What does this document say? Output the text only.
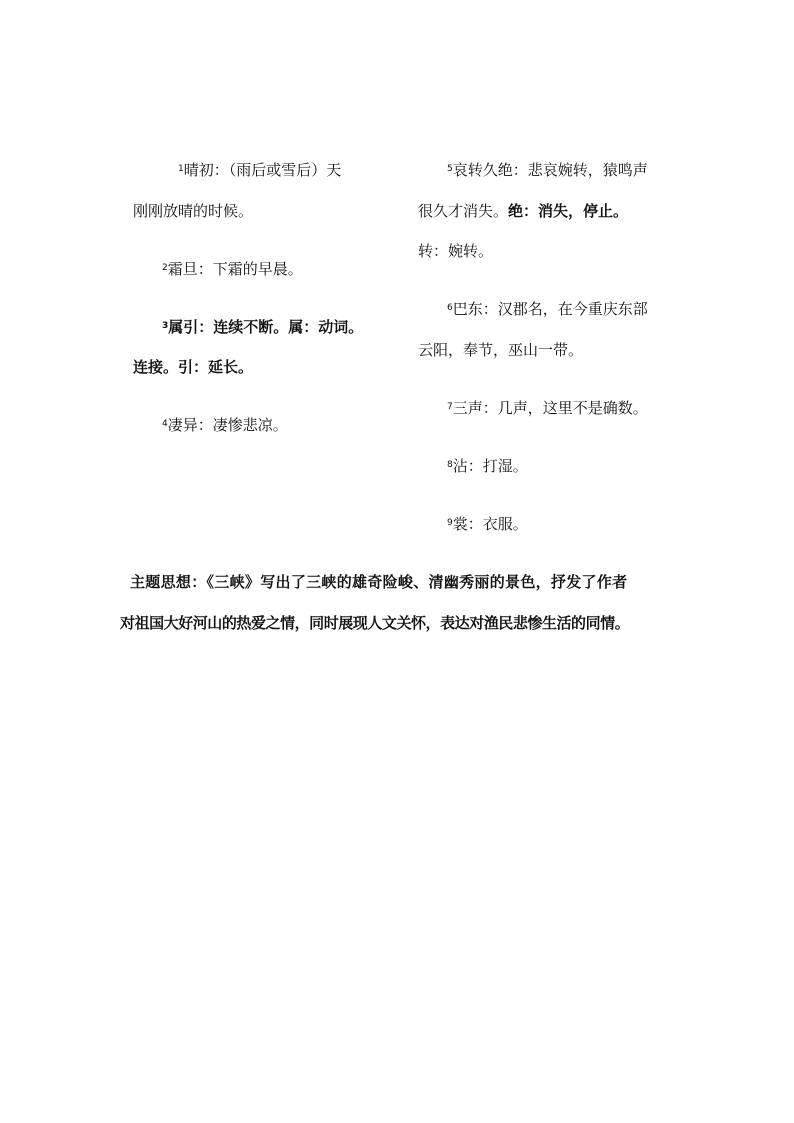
$^1$晴初：（雨后或雪后）天
刚刚放晴的时候。
$^2$霜旦：下霜的早晨。
$^3$属引：连续不断。属：动词。
连接。引：延长。
$^4$凄异：凄惨悲凉。
$^5$哀转久绝：悲哀婉转，猿鸣声
很久才消失。绝：消失，停止。
转：婉转。
$^6$巴东：汉郡名，在今重庆东部
云阳，奉节，巫山一带。
$^7$三声：几声，这里不是确数。
$^8$沾：打湿。
$^9$裳：衣服。
主题思想：《三峡》写出了三峡的雄奇险峻、清幽秀丽的景色，抒发了作者
对祖国大好河山的热爱之情，同时展现人文关怀，表达对渔民悲惨生活的同情。
